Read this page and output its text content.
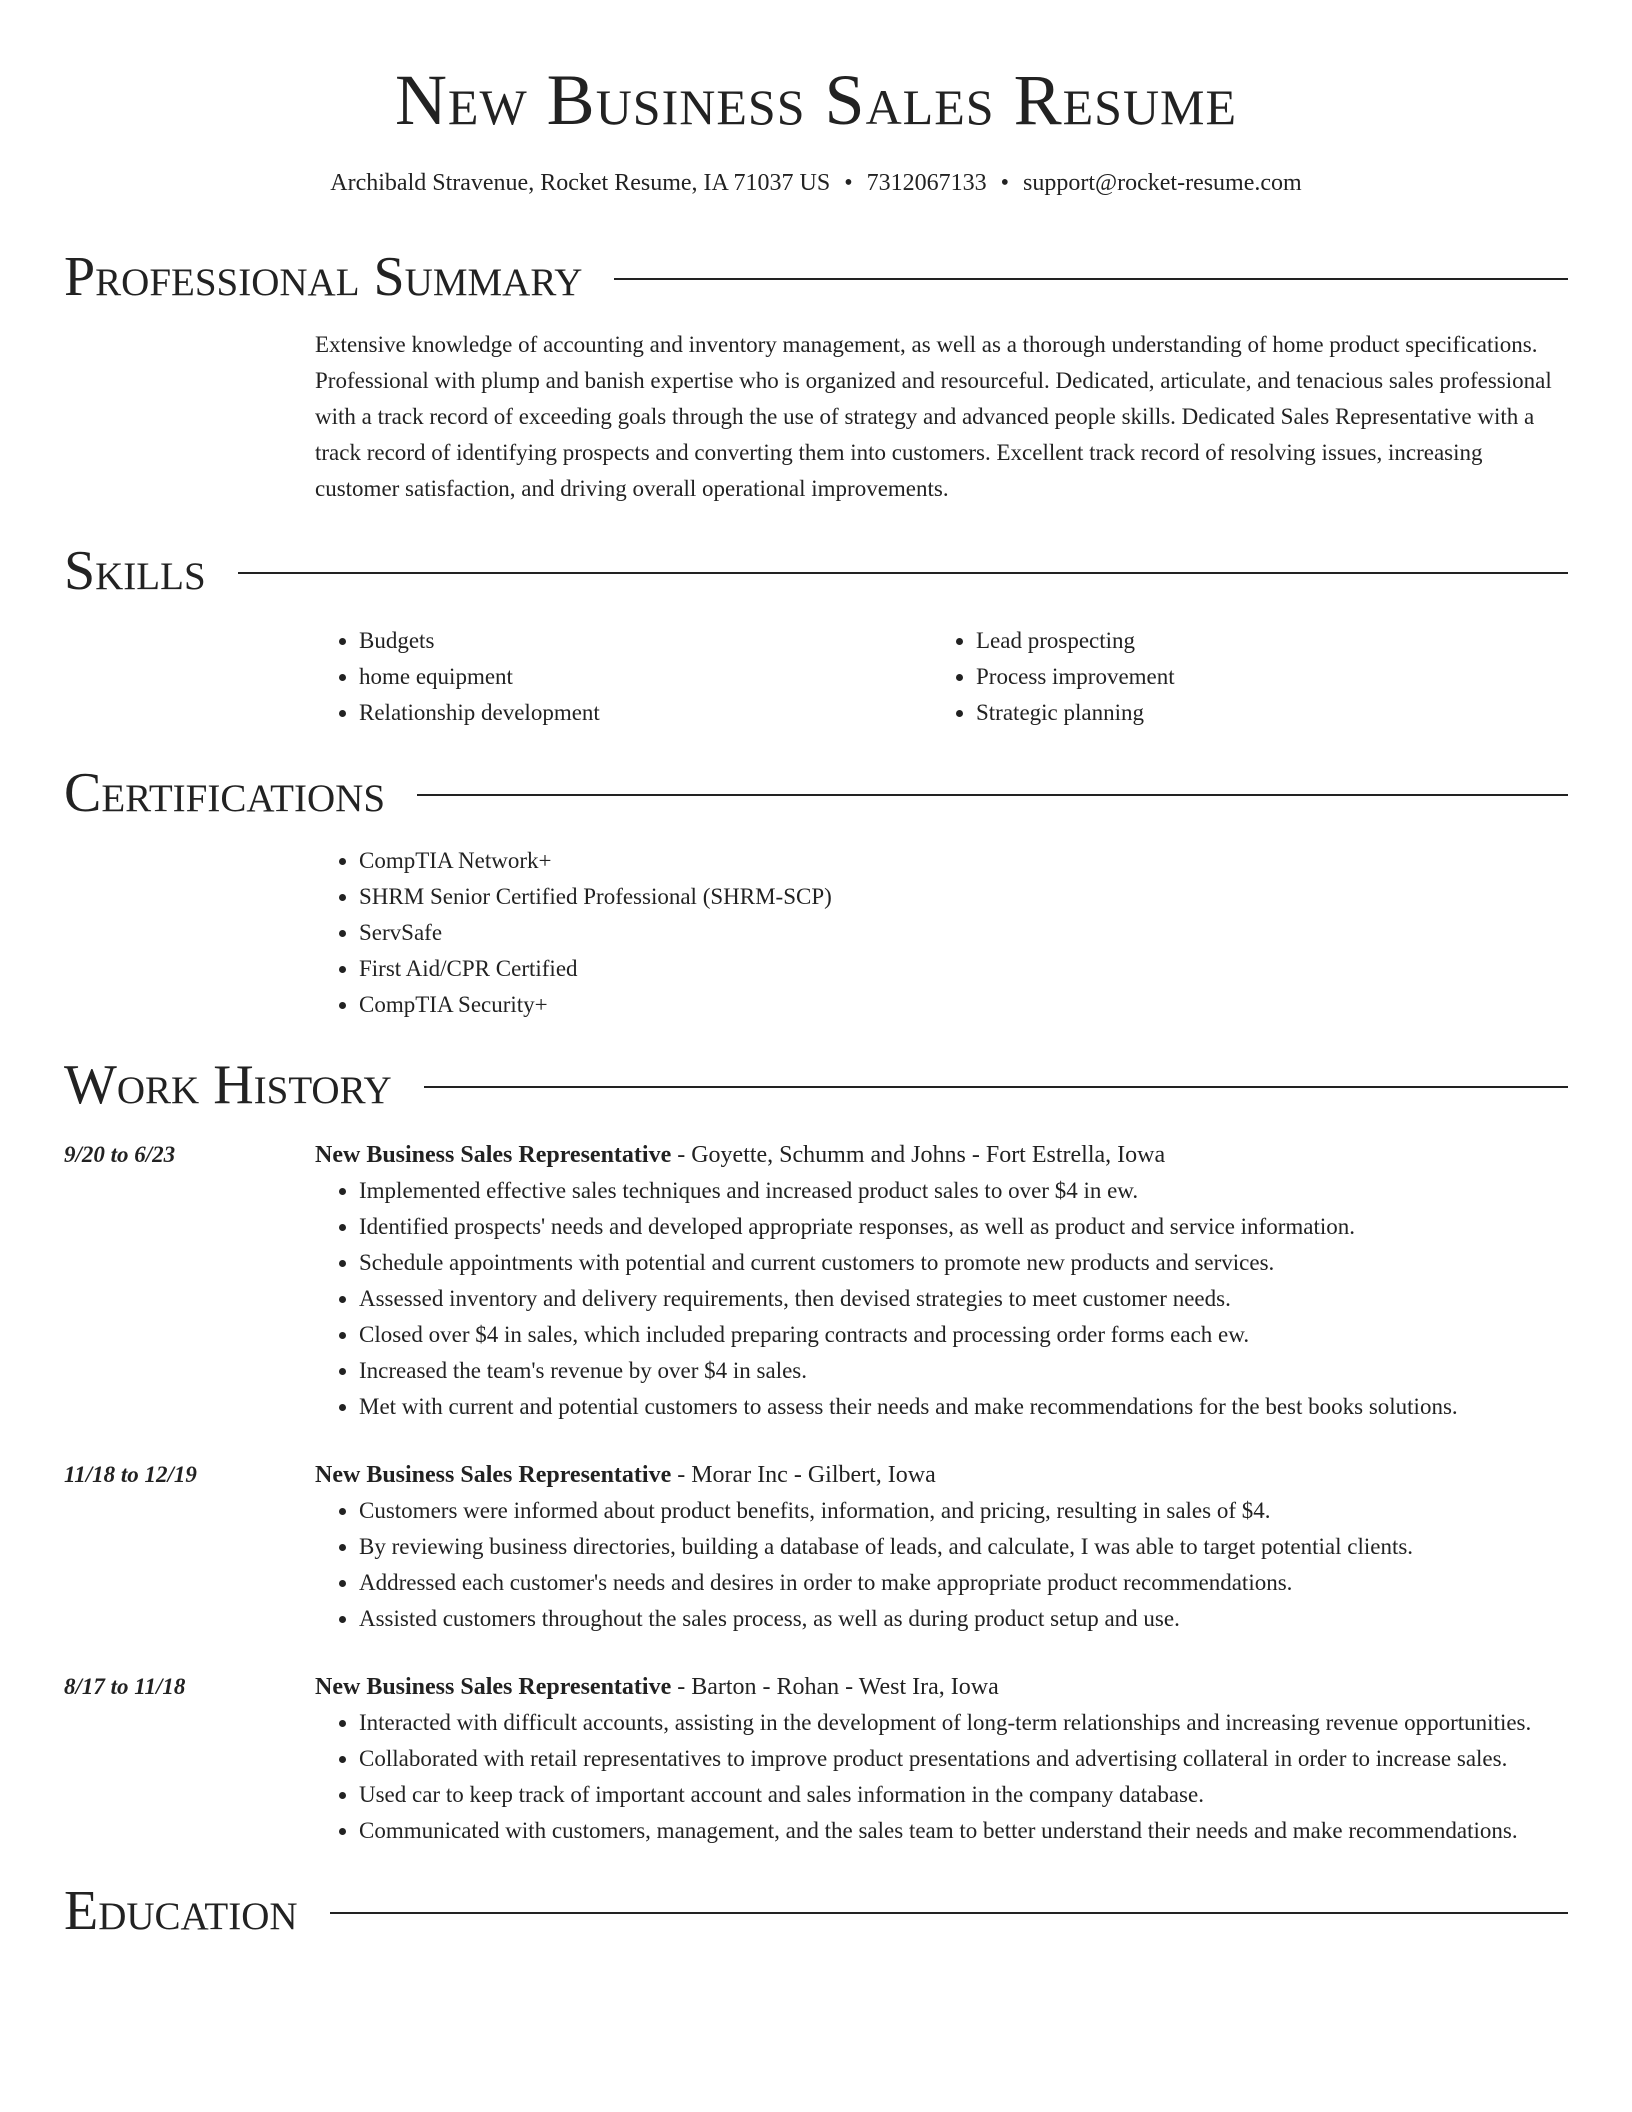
New Business Sales Resume
Archibald Stravenue, Rocket Resume, IA 71037 US • 7312067133 • support@rocket-resume.com
Professional Summary
Extensive knowledge of accounting and inventory management, as well as a thorough understanding of home product specifications. Professional with plump and banish expertise who is organized and resourceful. Dedicated, articulate, and tenacious sales professional with a track record of exceeding goals through the use of strategy and advanced people skills. Dedicated Sales Representative with a track record of identifying prospects and converting them into customers. Excellent track record of resolving issues, increasing customer satisfaction, and driving overall operational improvements.
Skills
• Budgets
• home equipment
• Relationship development
• Lead prospecting
• Process improvement
• Strategic planning
Certifications
• CompTIA Network+
• SHRM Senior Certified Professional (SHRM-SCP)
• ServSafe
• First Aid/CPR Certified
• CompTIA Security+
Work History
9/20 to 6/23	New Business Sales Representative - Goyette, Schumm and Johns - Fort Estrella, Iowa
• Implemented effective sales techniques and increased product sales to over $4 in ew.
• Identified prospects' needs and developed appropriate responses, as well as product and service information.
• Schedule appointments with potential and current customers to promote new products and services.
• Assessed inventory and delivery requirements, then devised strategies to meet customer needs.
• Closed over $4 in sales, which included preparing contracts and processing order forms each ew.
• Increased the team's revenue by over $4 in sales.
• Met with current and potential customers to assess their needs and make recommendations for the best books solutions.
11/18 to 12/19	New Business Sales Representative - Morar Inc - Gilbert, Iowa
• Customers were informed about product benefits, information, and pricing, resulting in sales of $4.
• By reviewing business directories, building a database of leads, and calculate, I was able to target potential clients.
• Addressed each customer's needs and desires in order to make appropriate product recommendations.
• Assisted customers throughout the sales process, as well as during product setup and use.
8/17 to 11/18	New Business Sales Representative - Barton - Rohan - West Ira, Iowa
• Interacted with difficult accounts, assisting in the development of long-term relationships and increasing revenue opportunities.
• Collaborated with retail representatives to improve product presentations and advertising collateral in order to increase sales.
• Used car to keep track of important account and sales information in the company database.
• Communicated with customers, management, and the sales team to better understand their needs and make recommendations.
Education
